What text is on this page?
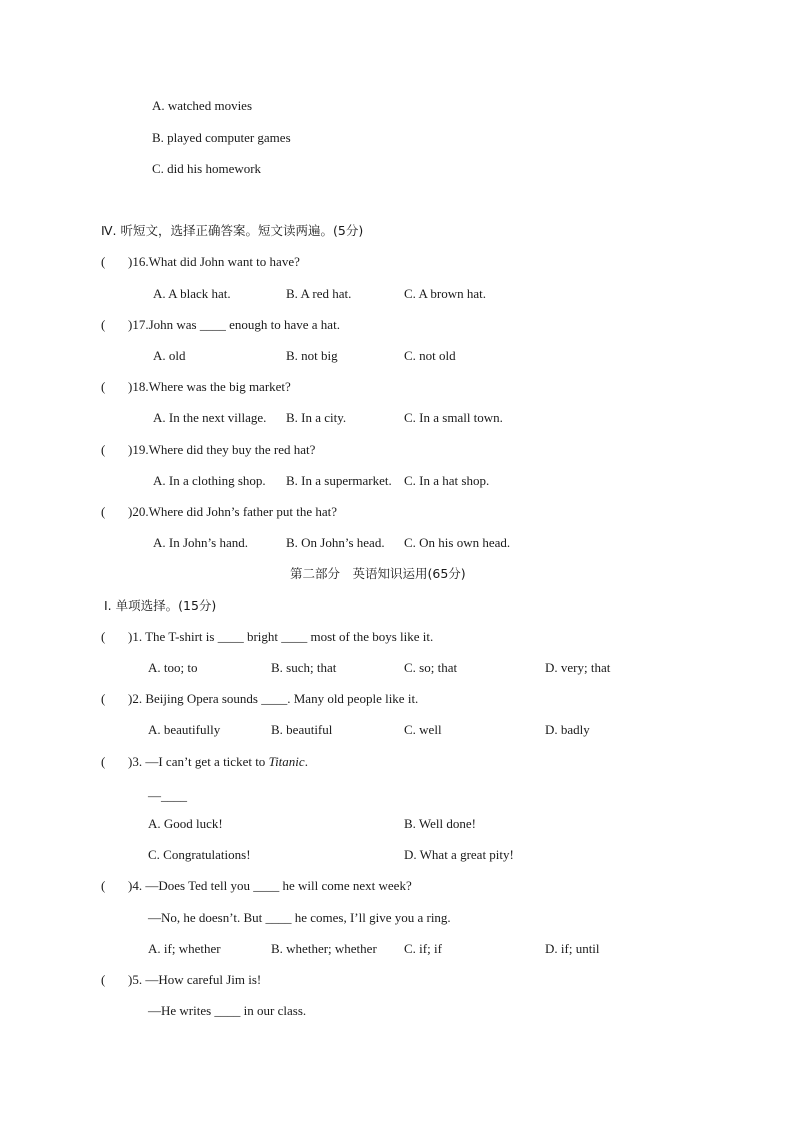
A. watched movies
B. played computer games
C. did his homework
Ⅳ. 听短文，选择正确答案。短文读两遍。(5分)
( )16.What did John want to have?
A. A black hat.	B. A red hat.	C. A brown hat.
( )17.John was ____ enough to have a hat.
A. old	B. not big	C. not old
( )18.Where was the big market?
A. In the next village. B. In a city.	C. In a small town.
( )19.Where did they buy the red hat?
A. In a clothing shop. B. In a supermarket. C. In a hat shop.
( )20.Where did John’s father put the hat?
A. In John’s hand.	B. On John’s head. C. On his own head.
第二部分　英语知识运用(65分)
Ⅰ. 单项选择。(15分)
( )1. The T-shirt is ____ bright ____ most of the boys like it.
A. too; to	B. such; that	C. so; that	D. very; that
( )2. Beijing Opera sounds ____. Many old people like it.
A. beautifully	B. beautiful	C. well	D. badly
( )3. —I can’t get a ticket to Titanic.
—____
A. Good luck!	B. Well done!
C. Congratulations!	D. What a great pity!
( )4. —Does Ted tell you ____ he will come next week?
—No, he doesn’t. But ____ he comes, I’ll give you a ring.
A. if; whether	B. whether; whether C. if; if	D. if; until
( )5. —How careful Jim is!
—He writes ____ in our class.
